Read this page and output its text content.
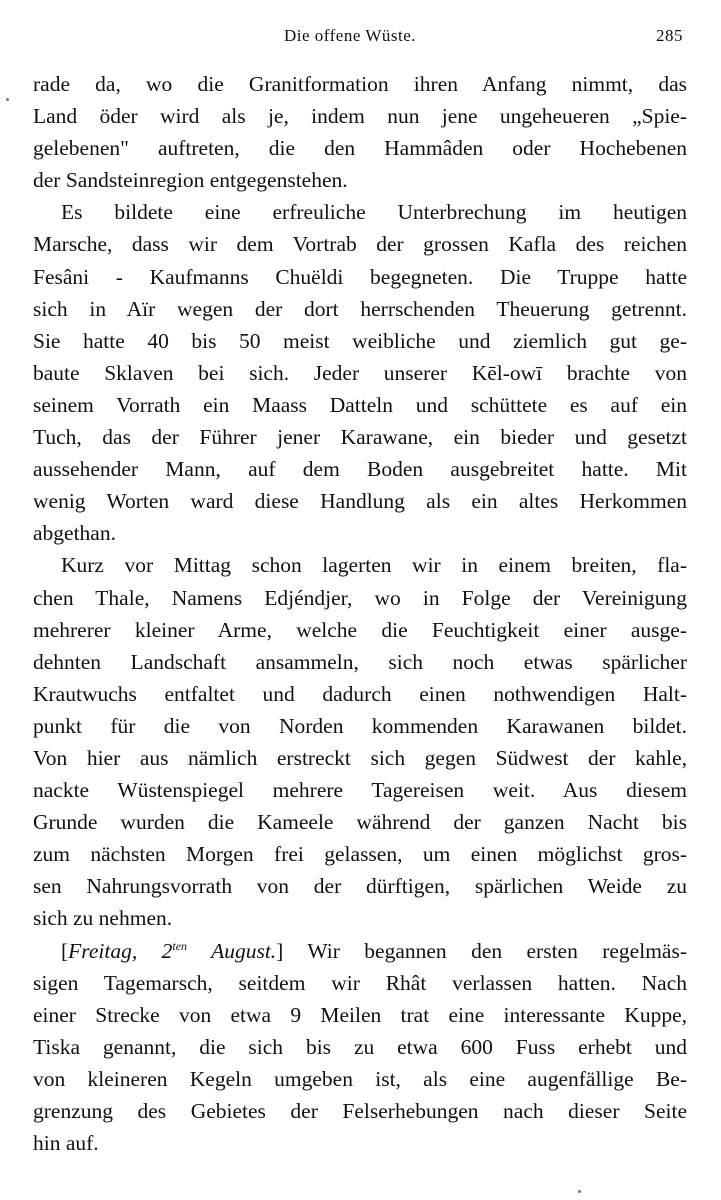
Die offene Wüste.	285
rade da, wo die Granitformation ihren Anfang nimmt, das
Land öder wird als je, indem nun jene ungeheueren „Spie-
gelebenen" auftreten, die den Hammâden oder Hochebenen
der Sandsteinregion entgegenstehen.
Es bildete eine erfreuliche Unterbrechung im heutigen
Marsche, dass wir dem Vortrab der grossen Kafla des reichen
Fesâni - Kaufmanns Chuëldi begegneten. Die Truppe hatte
sich in Aïr wegen der dort herrschenden Theuerung getrennt.
Sie hatte 40 bis 50 meist weibliche und ziemlich gut ge-
baute Sklaven bei sich. Jeder unserer Kēl-owī brachte von
seinem Vorrath ein Maass Datteln und schüttete es auf ein
Tuch, das der Führer jener Karawane, ein bieder und gesetzt
aussehender Mann, auf dem Boden ausgebreitet hatte. Mit
wenig Worten ward diese Handlung als ein altes Herkommen
abgethan.
Kurz vor Mittag schon lagerten wir in einem breiten, fla-
chen Thale, Namens Edjéndjer, wo in Folge der Vereinigung
mehrerer kleiner Arme, welche die Feuchtigkeit einer ausge-
dehnten Landschaft ansammeln, sich noch etwas spärlicher
Krautwuchs entfaltet und dadurch einen nothwendigen Halt-
punkt für die von Norden kommenden Karawanen bildet.
Von hier aus nämlich erstreckt sich gegen Südwest der kahle,
nackte Wüstenspiegel mehrere Tagereisen weit. Aus diesem
Grunde wurden die Kameele während der ganzen Nacht bis
zum nächsten Morgen frei gelassen, um einen möglichst gros-
sen Nahrungsvorrath von der dürftigen, spärlichen Weide zu
sich zu nehmen.
[Freitag, $2^{ten}$ August.] Wir begannen den ersten regelmäs-
sigen Tagemarsch, seitdem wir Rhât verlassen hatten. Nach
einer Strecke von etwa 9 Meilen trat eine interessante Kuppe,
Tiska genannt, die sich bis zu etwa 600 Fuss erhebt und
von kleineren Kegeln umgeben ist, als eine augenfällige Be-
grenzung des Gebietes der Felserhebungen nach dieser Seite
hin auf.
